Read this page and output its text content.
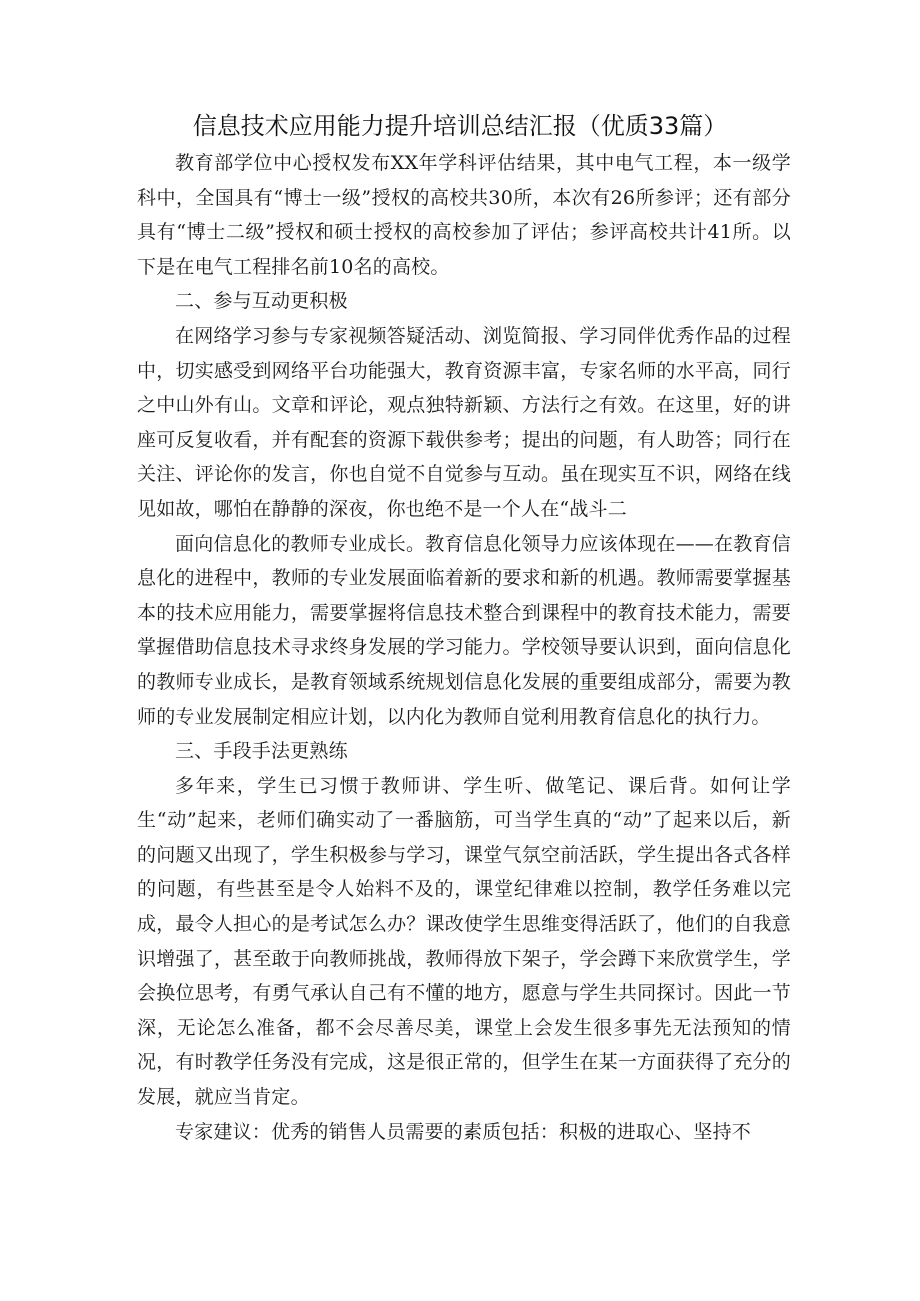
信息技术应用能力提升培训总结汇报（优质33篇）

教育部学位中心授权发布XX年学科评估结果，其中电气工程，本一级学科中，全国具有“博士一级”授权的高校共30所，本次有26所参评；还有部分具有“博士二级”授权和硕士授权的高校参加了评估；参评高校共计41所。以下是在电气工程排名前10名的高校。

二、参与互动更积极

在网络学习参与专家视频答疑活动、浏览简报、学习同伴优秀作品的过程中，切实感受到网络平台功能强大，教育资源丰富，专家名师的水平高，同行之中山外有山。文章和评论，观点独特新颖、方法行之有效。在这里，好的讲座可反复收看，并有配套的资源下载供参考；提出的问题，有人助答；同行在关注、评论你的发言，你也自觉不自觉参与互动。虽在现实互不识，网络在线见如故，哪怕在静静的深夜，你也绝不是一个人在“战斗二

面向信息化的教师专业成长。教育信息化领导力应该体现在——在教育信息化的进程中，教师的专业发展面临着新的要求和新的机遇。教师需要掌握基本的技术应用能力，需要掌握将信息技术整合到课程中的教育技术能力，需要掌握借助信息技术寻求终身发展的学习能力。学校领导要认识到，面向信息化的教师专业成长，是教育领域系统规划信息化发展的重要组成部分，需要为教师的专业发展制定相应计划，以内化为教师自觉利用教育信息化的执行力。

三、手段手法更熟练

多年来，学生已习惯于教师讲、学生听、做笔记、课后背。如何让学生“动”起来，老师们确实动了一番脑筋，可当学生真的“动”了起来以后，新的问题又出现了，学生积极参与学习，课堂气氛空前活跃，学生提出各式各样的问题，有些甚至是令人始料不及的，课堂纪律难以控制，教学任务难以完成，最令人担心的是考试怎么办？课改使学生思维变得活跃了，他们的自我意识增强了，甚至敢于向教师挑战，教师得放下架子，学会蹲下来欣赏学生，学会换位思考，有勇气承认自己有不懂的地方，愿意与学生共同探讨。因此一节深，无论怎么准备，都不会尽善尽美，课堂上会发生很多事先无法预知的情况，有时教学任务没有完成，这是很正常的，但学生在某一方面获得了充分的发展，就应当肯定。

专家建议：优秀的销售人员需要的素质包括：积极的进取心、坚持不
